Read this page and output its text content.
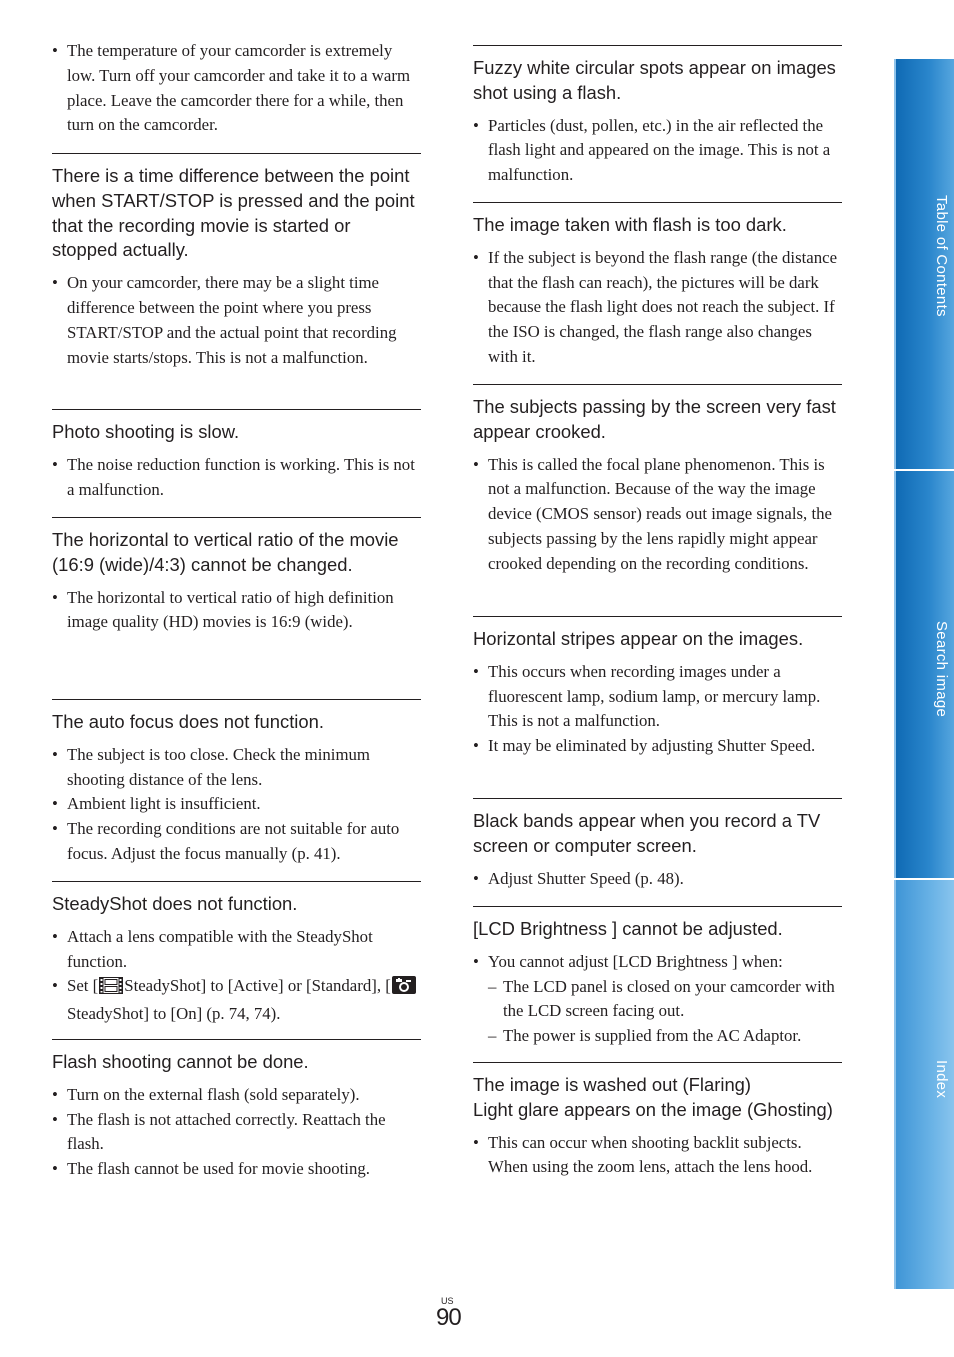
• The temperature of your camcorder is extremely low. Turn off your camcorder and take it to a warm place. Leave the camcorder there for a while, then turn on the camcorder.
There is a time difference between the point when START/STOP is pressed and the point that the recording movie is started or stopped actually.
• On your camcorder, there may be a slight time difference between the point where you press START/STOP and the actual point that recording movie starts/stops. This is not a malfunction.
Photo shooting is slow.
• The noise reduction function is working. This is not a malfunction.
The horizontal to vertical ratio of the movie (16:9 (wide)/4:3) cannot be changed.
• The horizontal to vertical ratio of high definition image quality (HD) movies is 16:9 (wide).
The auto focus does not function.
• The subject is too close. Check the minimum shooting distance of the lens.
• Ambient light is insufficient.
• The recording conditions are not suitable for auto focus. Adjust the focus manually (p. 41).
SteadyShot does not function.
• Attach a lens compatible with the SteadyShot function.
• Set [ SteadyShot] to [Active] or [Standard], [SteadyShot] to [On] (p. 74, 74).
Flash shooting cannot be done.
• Turn on the external flash (sold separately).
• The flash is not attached correctly. Reattach the flash.
• The flash cannot be used for movie shooting.
Fuzzy white circular spots appear on images shot using a flash.
• Particles (dust, pollen, etc.) in the air reflected the flash light and appeared on the image. This is not a malfunction.
The image taken with flash is too dark.
• If the subject is beyond the flash range (the distance that the flash can reach), the pictures will be dark because the flash light does not reach the subject. If the ISO is changed, the flash range also changes with it.
The subjects passing by the screen very fast appear crooked.
• This is called the focal plane phenomenon. This is not a malfunction. Because of the way the image device (CMOS sensor) reads out image signals, the subjects passing by the lens rapidly might appear crooked depending on the recording conditions.
Horizontal stripes appear on the images.
• This occurs when recording images under a fluorescent lamp, sodium lamp, or mercury lamp. This is not a malfunction.
• It may be eliminated by adjusting Shutter Speed.
Black bands appear when you record a TV screen or computer screen.
• Adjust Shutter Speed (p. 48).
[LCD Brightness ] cannot be adjusted.
• You cannot adjust [LCD Brightness ] when:
– The LCD panel is closed on your camcorder with the LCD screen facing out.
– The power is supplied from the AC Adaptor.
The image is washed out (Flaring)
Light glare appears on the image (Ghosting)
• This can occur when shooting backlit subjects. When using the zoom lens, attach the lens hood.
Table of Contents
Search image
Index
US
90
